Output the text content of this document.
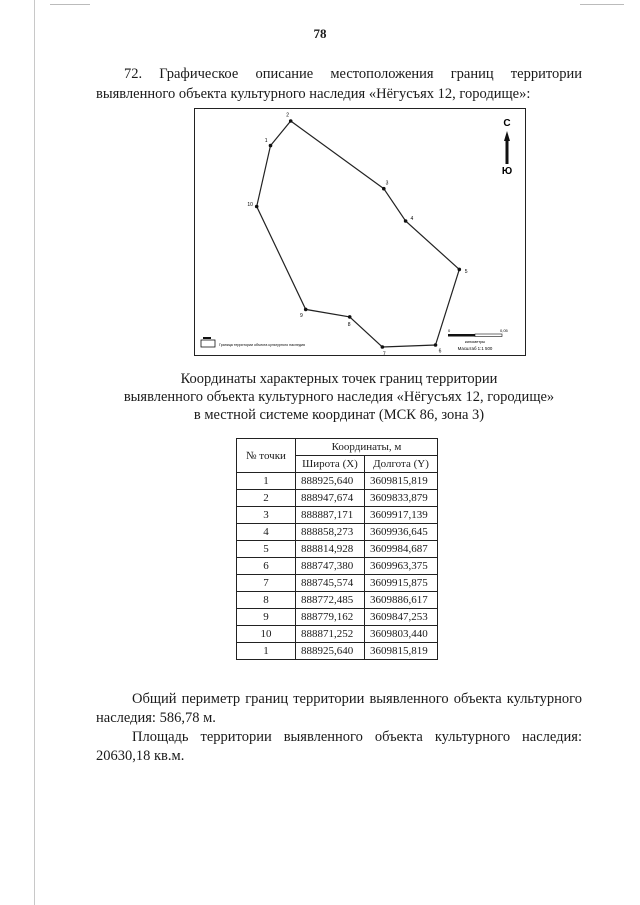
78
72. Графическое описание местоположения границ территории выявленного объекта культурного наследия «Нёгусъях 12, городище»:
1
2
3
4
5
6
7
8
9
10
С
Ю
Граница территории объекта культурного наследия
0	0,05
километры
Масштаб 1:1 500
Координаты характерных точек границ территории
выявленного объекта культурного наследия «Нёгусъях 12, городище»
в местной системе координат (МСК 86, зона 3)
№ точки	Координаты, м	
	Широта (X)	Долгота (Y)
1	888925,640	3609815,819
2	888947,674	3609833,879
3	888887,171	3609917,139
4	888858,273	3609936,645
5	888814,928	3609984,687
6	888747,380	3609963,375
7	888745,574	3609915,875
8	888772,485	3609886,617
9	888779,162	3609847,253
10	888871,252	3609803,440
1	888925,640	3609815,819

Общий периметр границ территории выявленного объекта культурного наследия: 586,78 м.

Площадь территории выявленного объекта культурного наследия: 20630,18 кв.м.
